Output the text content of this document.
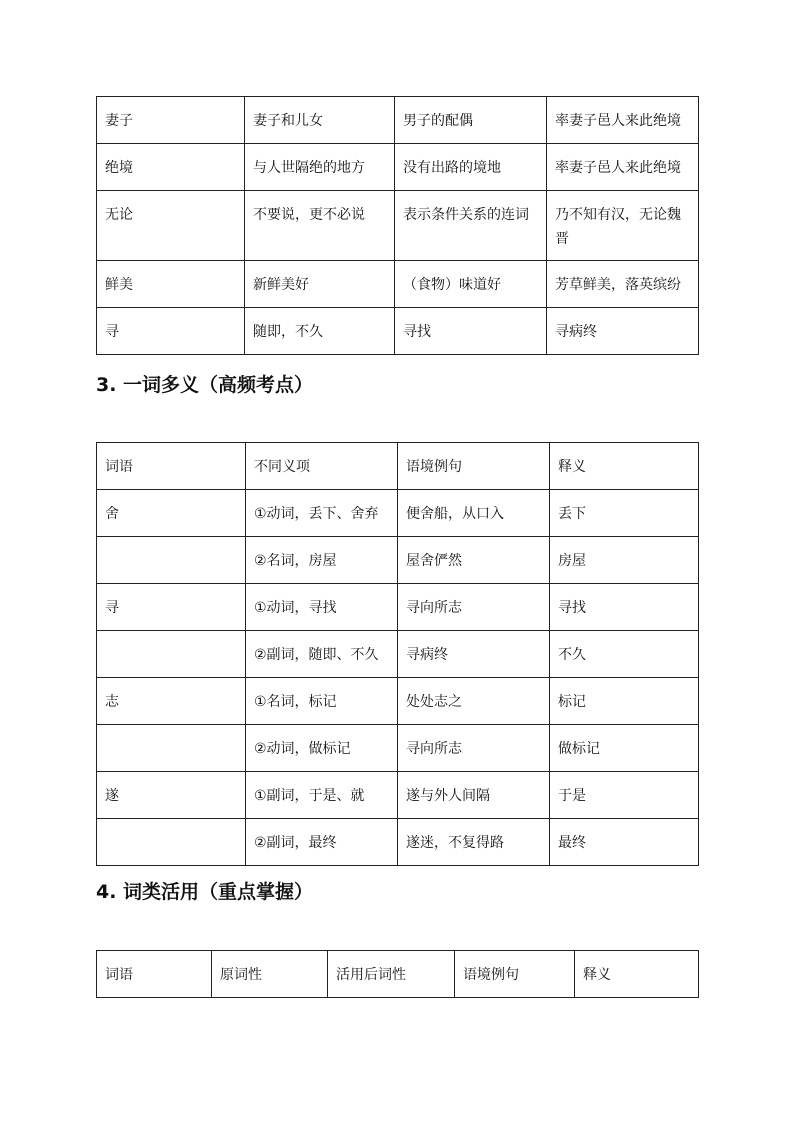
妻子	妻子和儿女	男子的配偶	率妻子邑人来此绝境
绝境	与人世隔绝的地方	没有出路的境地	率妻子邑人来此绝境
无论	不要说，更不必说	表示条件关系的连词	乃不知有汉，无论魏晋
鲜美	新鲜美好	（食物）味道好	芳草鲜美，落英缤纷
寻	随即，不久	寻找	寻病终
3. 一词多义（高频考点）
词语	不同义项	语境例句	释义
舍	①动词，丢下、舍弃	便舍船，从口入	丢下
	②名词，房屋	屋舍俨然	房屋
寻	①动词，寻找	寻向所志	寻找
	②副词，随即、不久	寻病终	不久
志	①名词，标记	处处志之	标记
	②动词，做标记	寻向所志	做标记
遂	①副词，于是、就	遂与外人间隔	于是
	②副词，最终	遂迷，不复得路	最终
4. 词类活用（重点掌握）
词语	原词性	活用后词性	语境例句	释义
